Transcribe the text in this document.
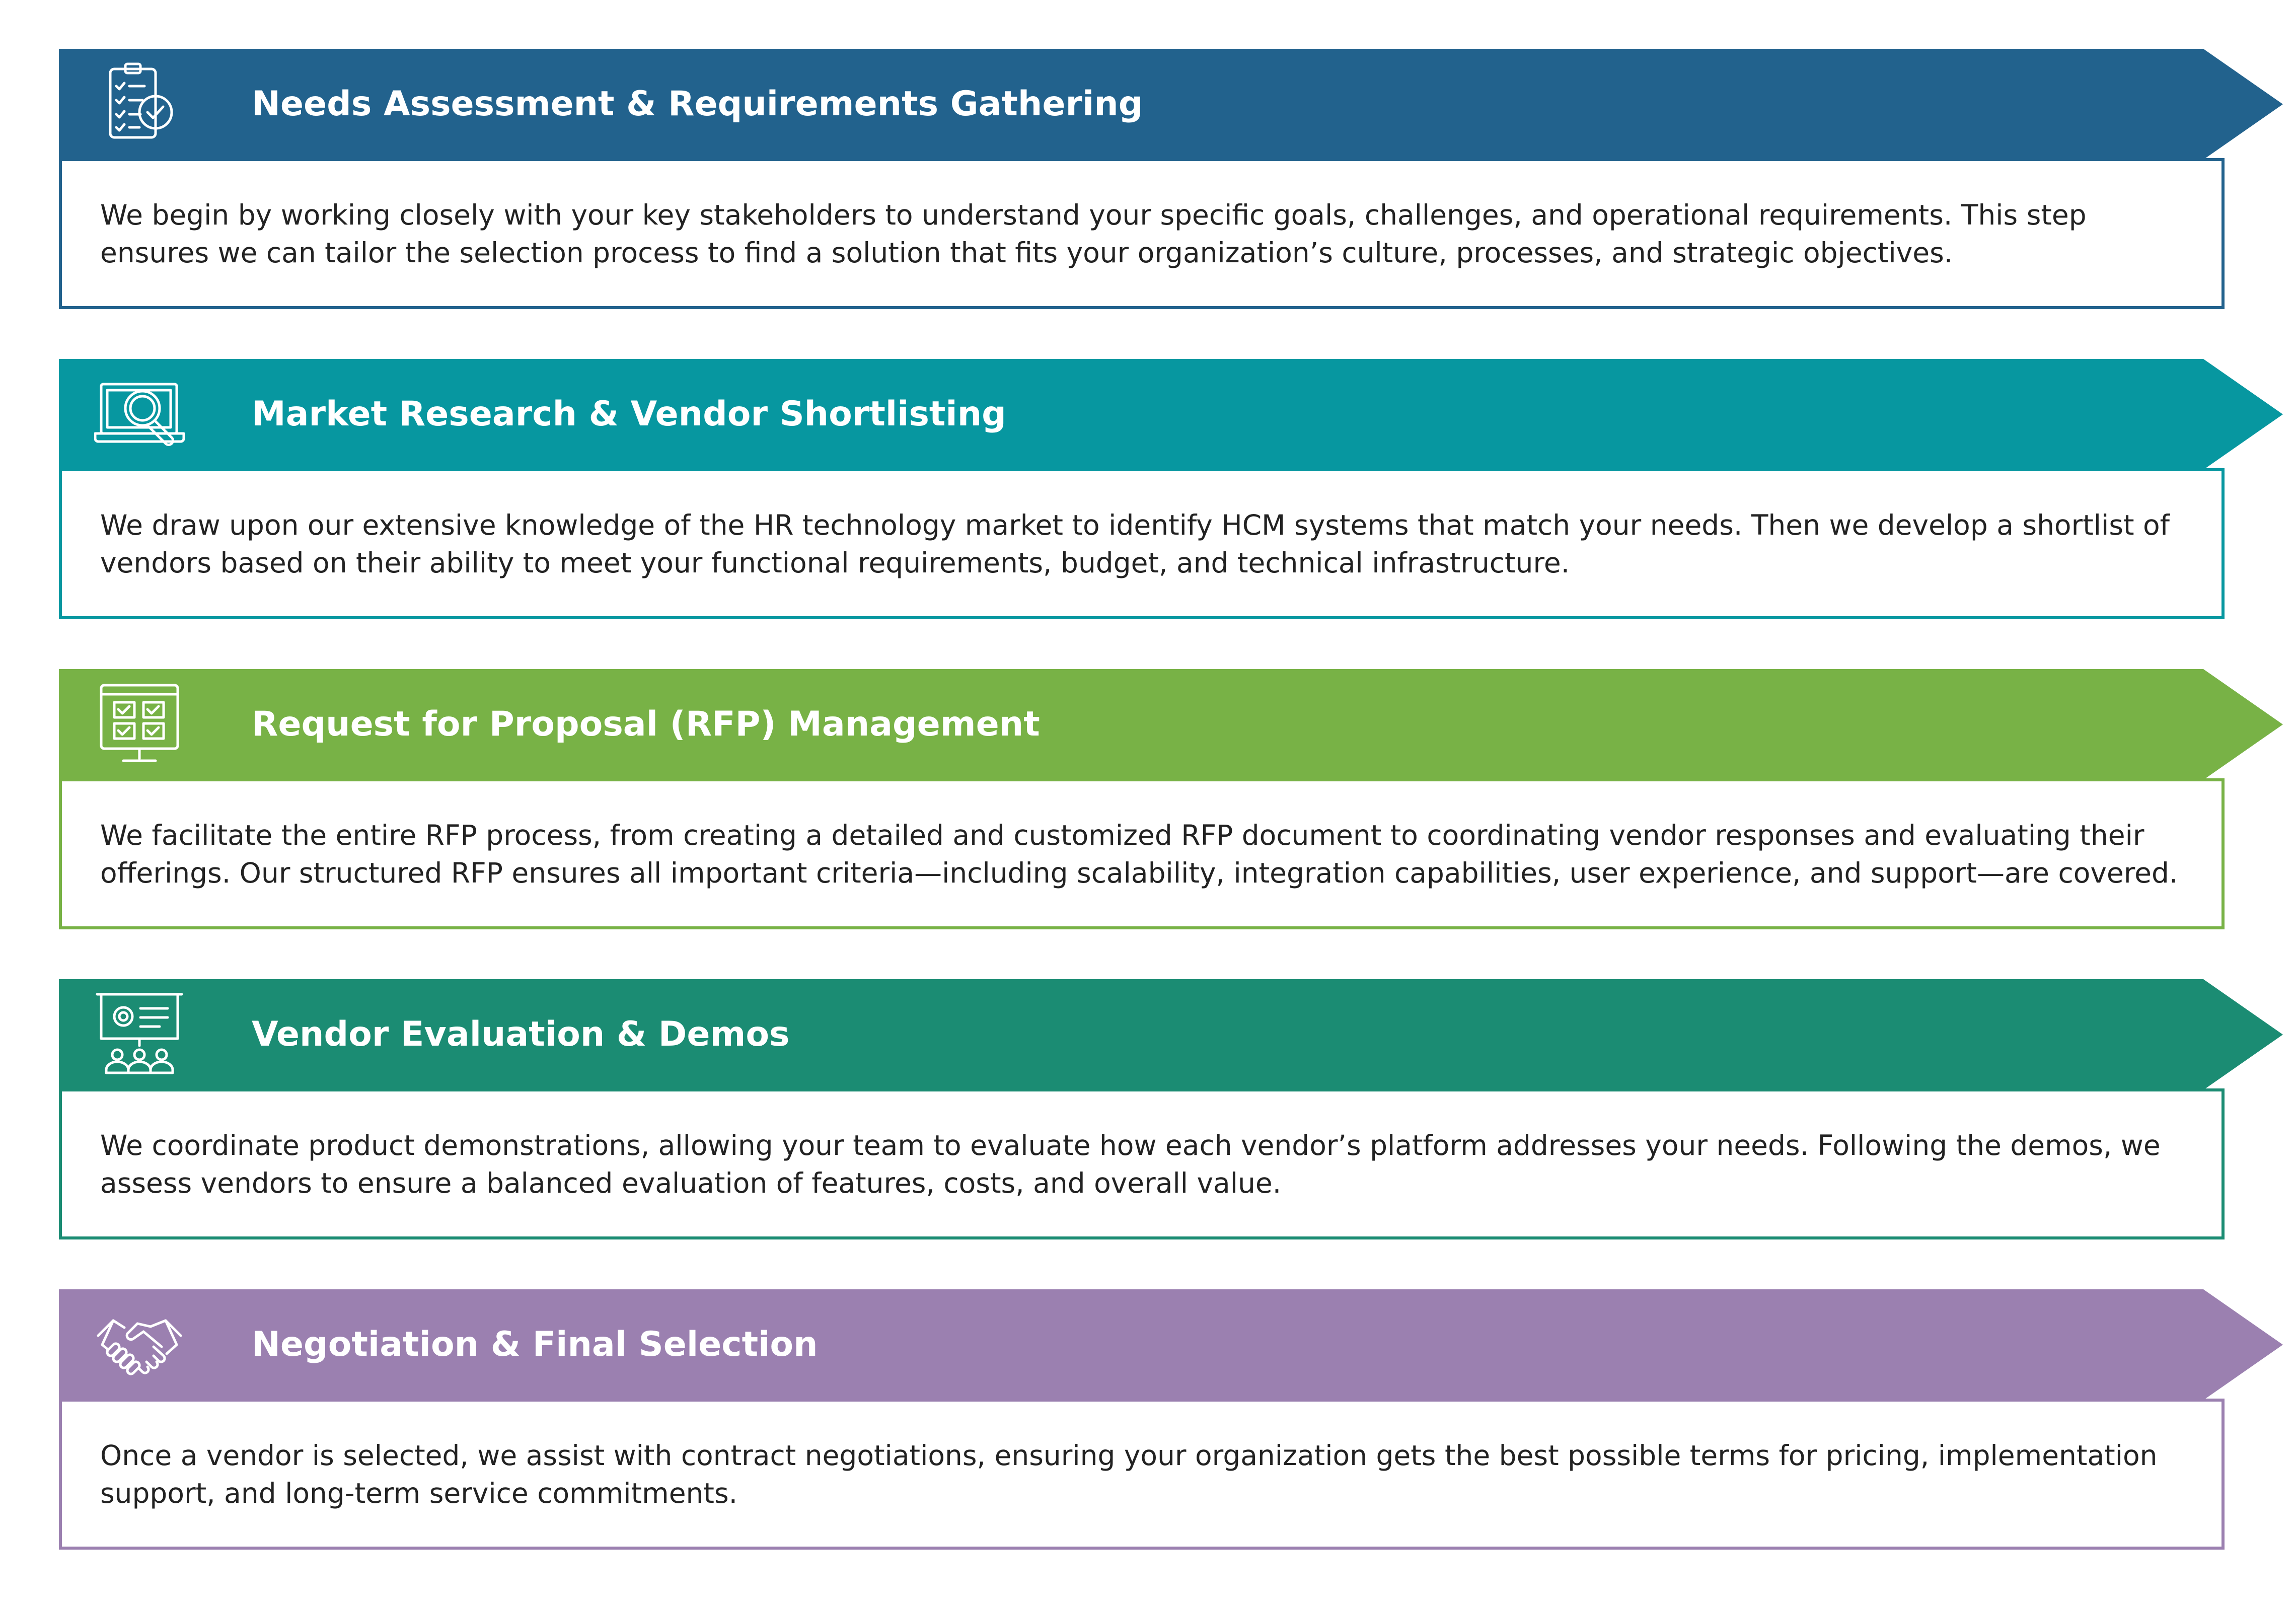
Needs Assessment & Requirements Gathering

We begin by working closely with your key stakeholders to understand your specific goals, challenges, and operational requirements. This step ensures we can tailor the selection process to find a solution that fits your organization’s culture, processes, and strategic objectives.

Market Research & Vendor Shortlisting

We draw upon our extensive knowledge of the HR technology market to identify HCM systems that match your needs. Then we develop a shortlist of vendors based on their ability to meet your functional requirements, budget, and technical infrastructure.

Request for Proposal (RFP) Management

We facilitate the entire RFP process, from creating a detailed and customized RFP document to coordinating vendor responses and evaluating their offerings. Our structured RFP ensures all important criteria—including scalability, integration capabilities, user experience, and support—are covered.

Vendor Evaluation & Demos

We coordinate product demonstrations, allowing your team to evaluate how each vendor’s platform addresses your needs. Following the demos, we assess vendors to ensure a balanced evaluation of features, costs, and overall value.

Negotiation & Final Selection

Once a vendor is selected, we assist with contract negotiations, ensuring your organization gets the best possible terms for pricing, implementation support, and long-term service commitments.
